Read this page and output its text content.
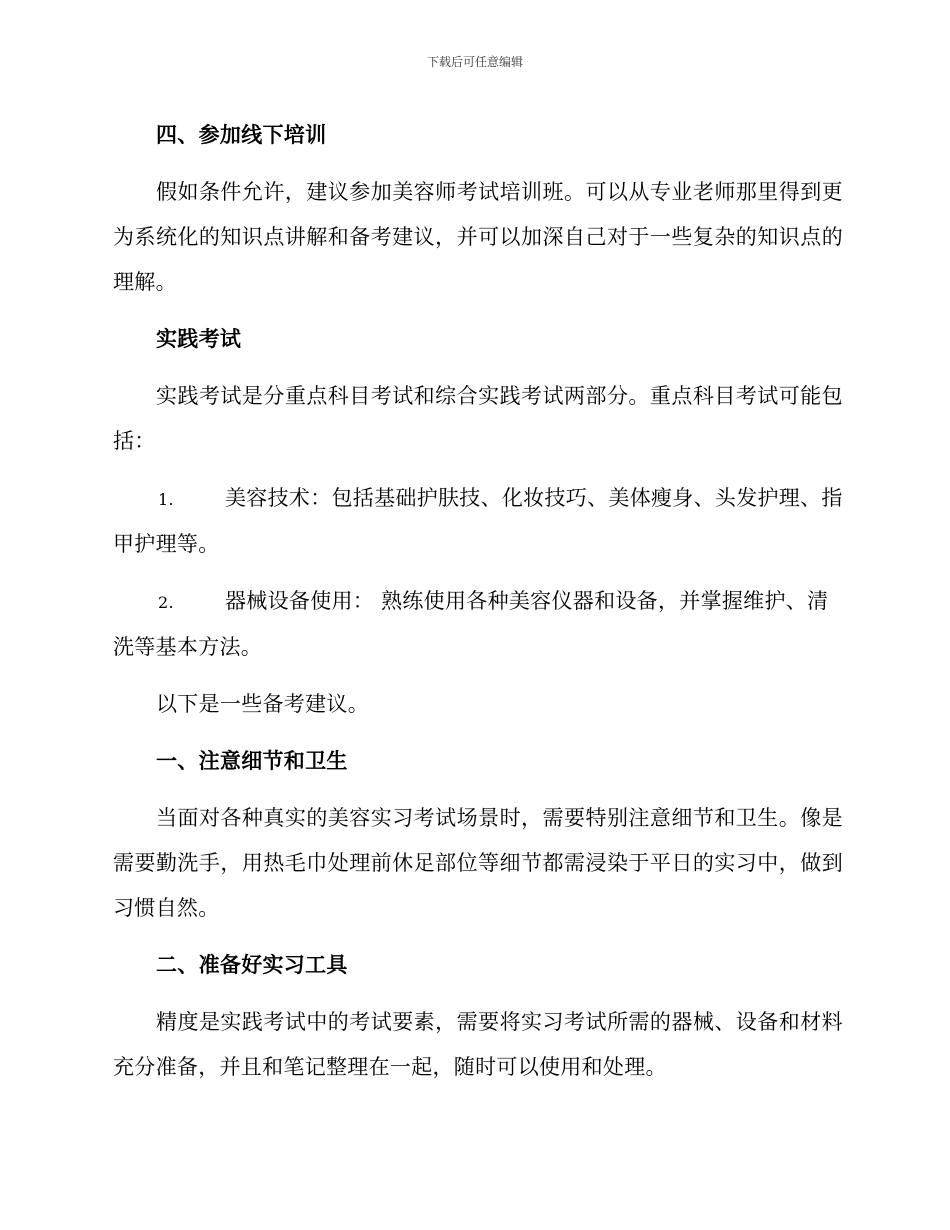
下载后可任意编辑
四、参加线下培训
假如条件允许，建议参加美容师考试培训班。可以从专业老师那里得到更为系统化的知识点讲解和备考建议，并可以加深自己对于一些复杂的知识点的理解。
实践考试
实践考试是分重点科目考试和综合实践考试两部分。重点科目考试可能包括：
1. 美容技术：包括基础护肤技、化妆技巧、美体瘦身、头发护理、指甲护理等。
2. 器械设备使用： 熟练使用各种美容仪器和设备，并掌握维护、清洗等基本方法。
以下是一些备考建议。
一、注意细节和卫生
当面对各种真实的美容实习考试场景时，需要特别注意细节和卫生。像是需要勤洗手，用热毛巾处理前休足部位等细节都需浸染于平日的实习中，做到习惯自然。
二、准备好实习工具
精度是实践考试中的考试要素，需要将实习考试所需的器械、设备和材料充分准备，并且和笔记整理在一起，随时可以使用和处理。
